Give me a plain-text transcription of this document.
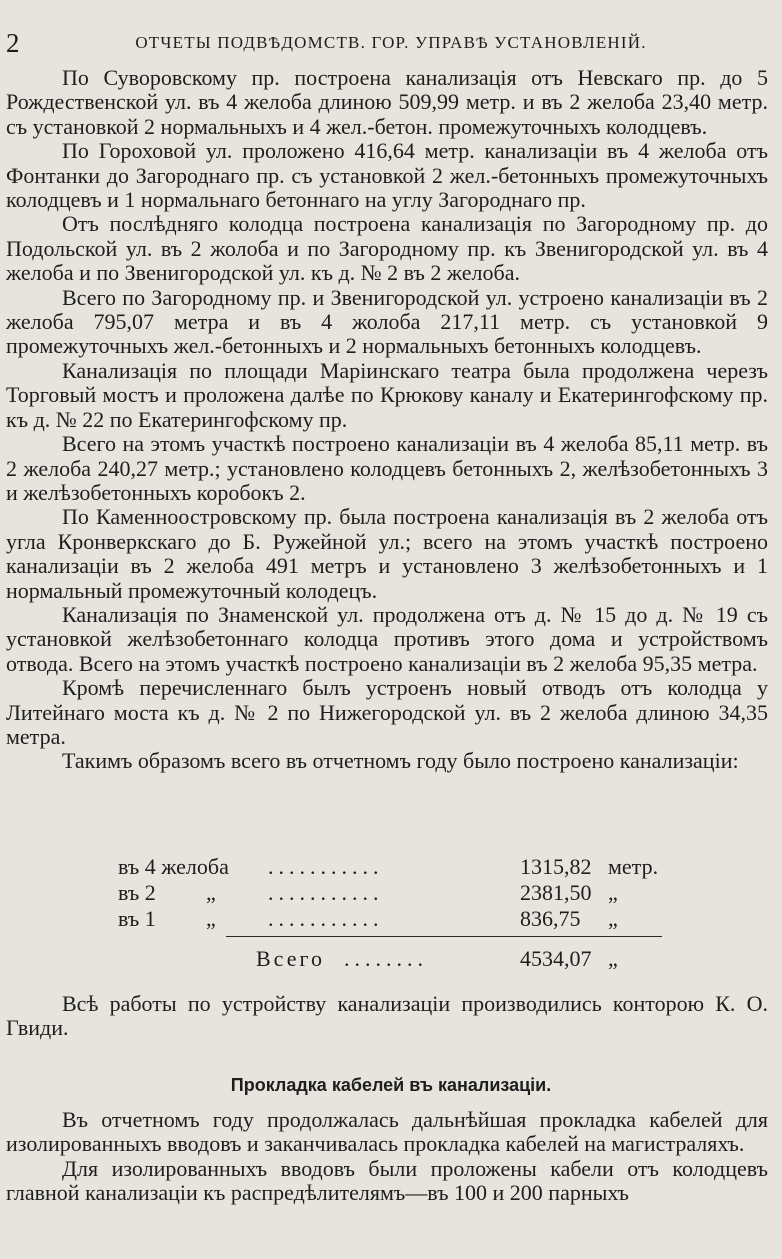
2	ОТЧЕТЫ ПОДВѢДОМСТВ. ГОР. УПРАВѢ УСТАНОВЛЕНІЙ.

По Суворовскому пр. построена канализація отъ Невскаго пр. до 5 Рождественской ул. въ 4 желоба длиною 509,99 метр. и въ 2 желоба 23,40 метр. съ установкой 2 нормальныхъ и 4 жел.-бетон. промежуточныхъ колодцевъ.

По Гороховой ул. проложено 416,64 метр. канализаціи въ 4 желоба отъ Фонтанки до Загороднаго пр. съ установкой 2 жел.-бетонныхъ промежуточныхъ колодцевъ и 1 нормальнаго бетоннаго на углу Загороднаго пр.

Отъ послѣдняго колодца построена канализація по Загородному пр. до Подольской ул. въ 2 жолоба и по Загородному пр. къ Звенигородской ул. въ 4 желоба и по Звенигородской ул. къ д. № 2 въ 2 желоба.

Всего по Загородному пр. и Звенигородской ул. устроено канализаціи въ 2 желоба 795,07 метра и въ 4 жолоба 217,11 метр. съ установкой 9 промежуточныхъ жел.-бетонныхъ и 2 нормальныхъ бетонныхъ колодцевъ.

Канализація по площади Маріинскаго театра была продолжена черезъ Торговый мостъ и проложена далѣе по Крюкову каналу и Екатерингофскому пр. къ д. № 22 по Екатерингофскому пр.

Всего на этомъ участкѣ построено канализаціи въ 4 желоба 85,11 метр. въ 2 желоба 240,27 метр.; установлено колодцевъ бетонныхъ 2, желѣзобетонныхъ 3 и желѣзобетонныхъ коробокъ 2.

По Каменноостровскому пр. была построена канализація въ 2 желоба отъ угла Кронверкскаго до Б. Ружейной ул.; всего на этомъ участкѣ построено канализаціи въ 2 желоба 491 метръ и установлено 3 желѣзобетонныхъ и 1 нормальный промежуточный колодецъ.

Канализація по Знаменской ул. продолжена отъ д. № 15 до д. № 19 съ установкой желѣзобетоннаго колодца противъ этого дома и устройствомъ отвода. Всего на этомъ участкѣ построено канализаціи въ 2 желоба 95,35 метра.

Кромѣ перечисленнаго былъ устроенъ новый отводъ отъ колодца у Литейнаго моста къ д. № 2 по Нижегородской ул. въ 2 желоба длиною 34,35 метра.

Такимъ образомъ всего въ отчетномъ году было построено канализаціи:

въ 4 желоба ...........	1315,82 метр.
въ 2 „ ...........	2381,50 „
въ 1 „ ...........	836,75 „
Всего ........	4534,07 „

Всѣ работы по устройству канализаціи производились конторою К. О. Гвиди.

Прокладка кабелей въ канализаціи.

Въ отчетномъ году продолжалась дальнѣйшая прокладка кабелей для изолированныхъ вводовъ и заканчивалась прокладка кабелей на магистраляхъ.

Для изолированныхъ вводовъ были проложены кабели отъ колодцевъ главной канализаціи къ распредѣлителямъ—въ 100 и 200 парныхъ
